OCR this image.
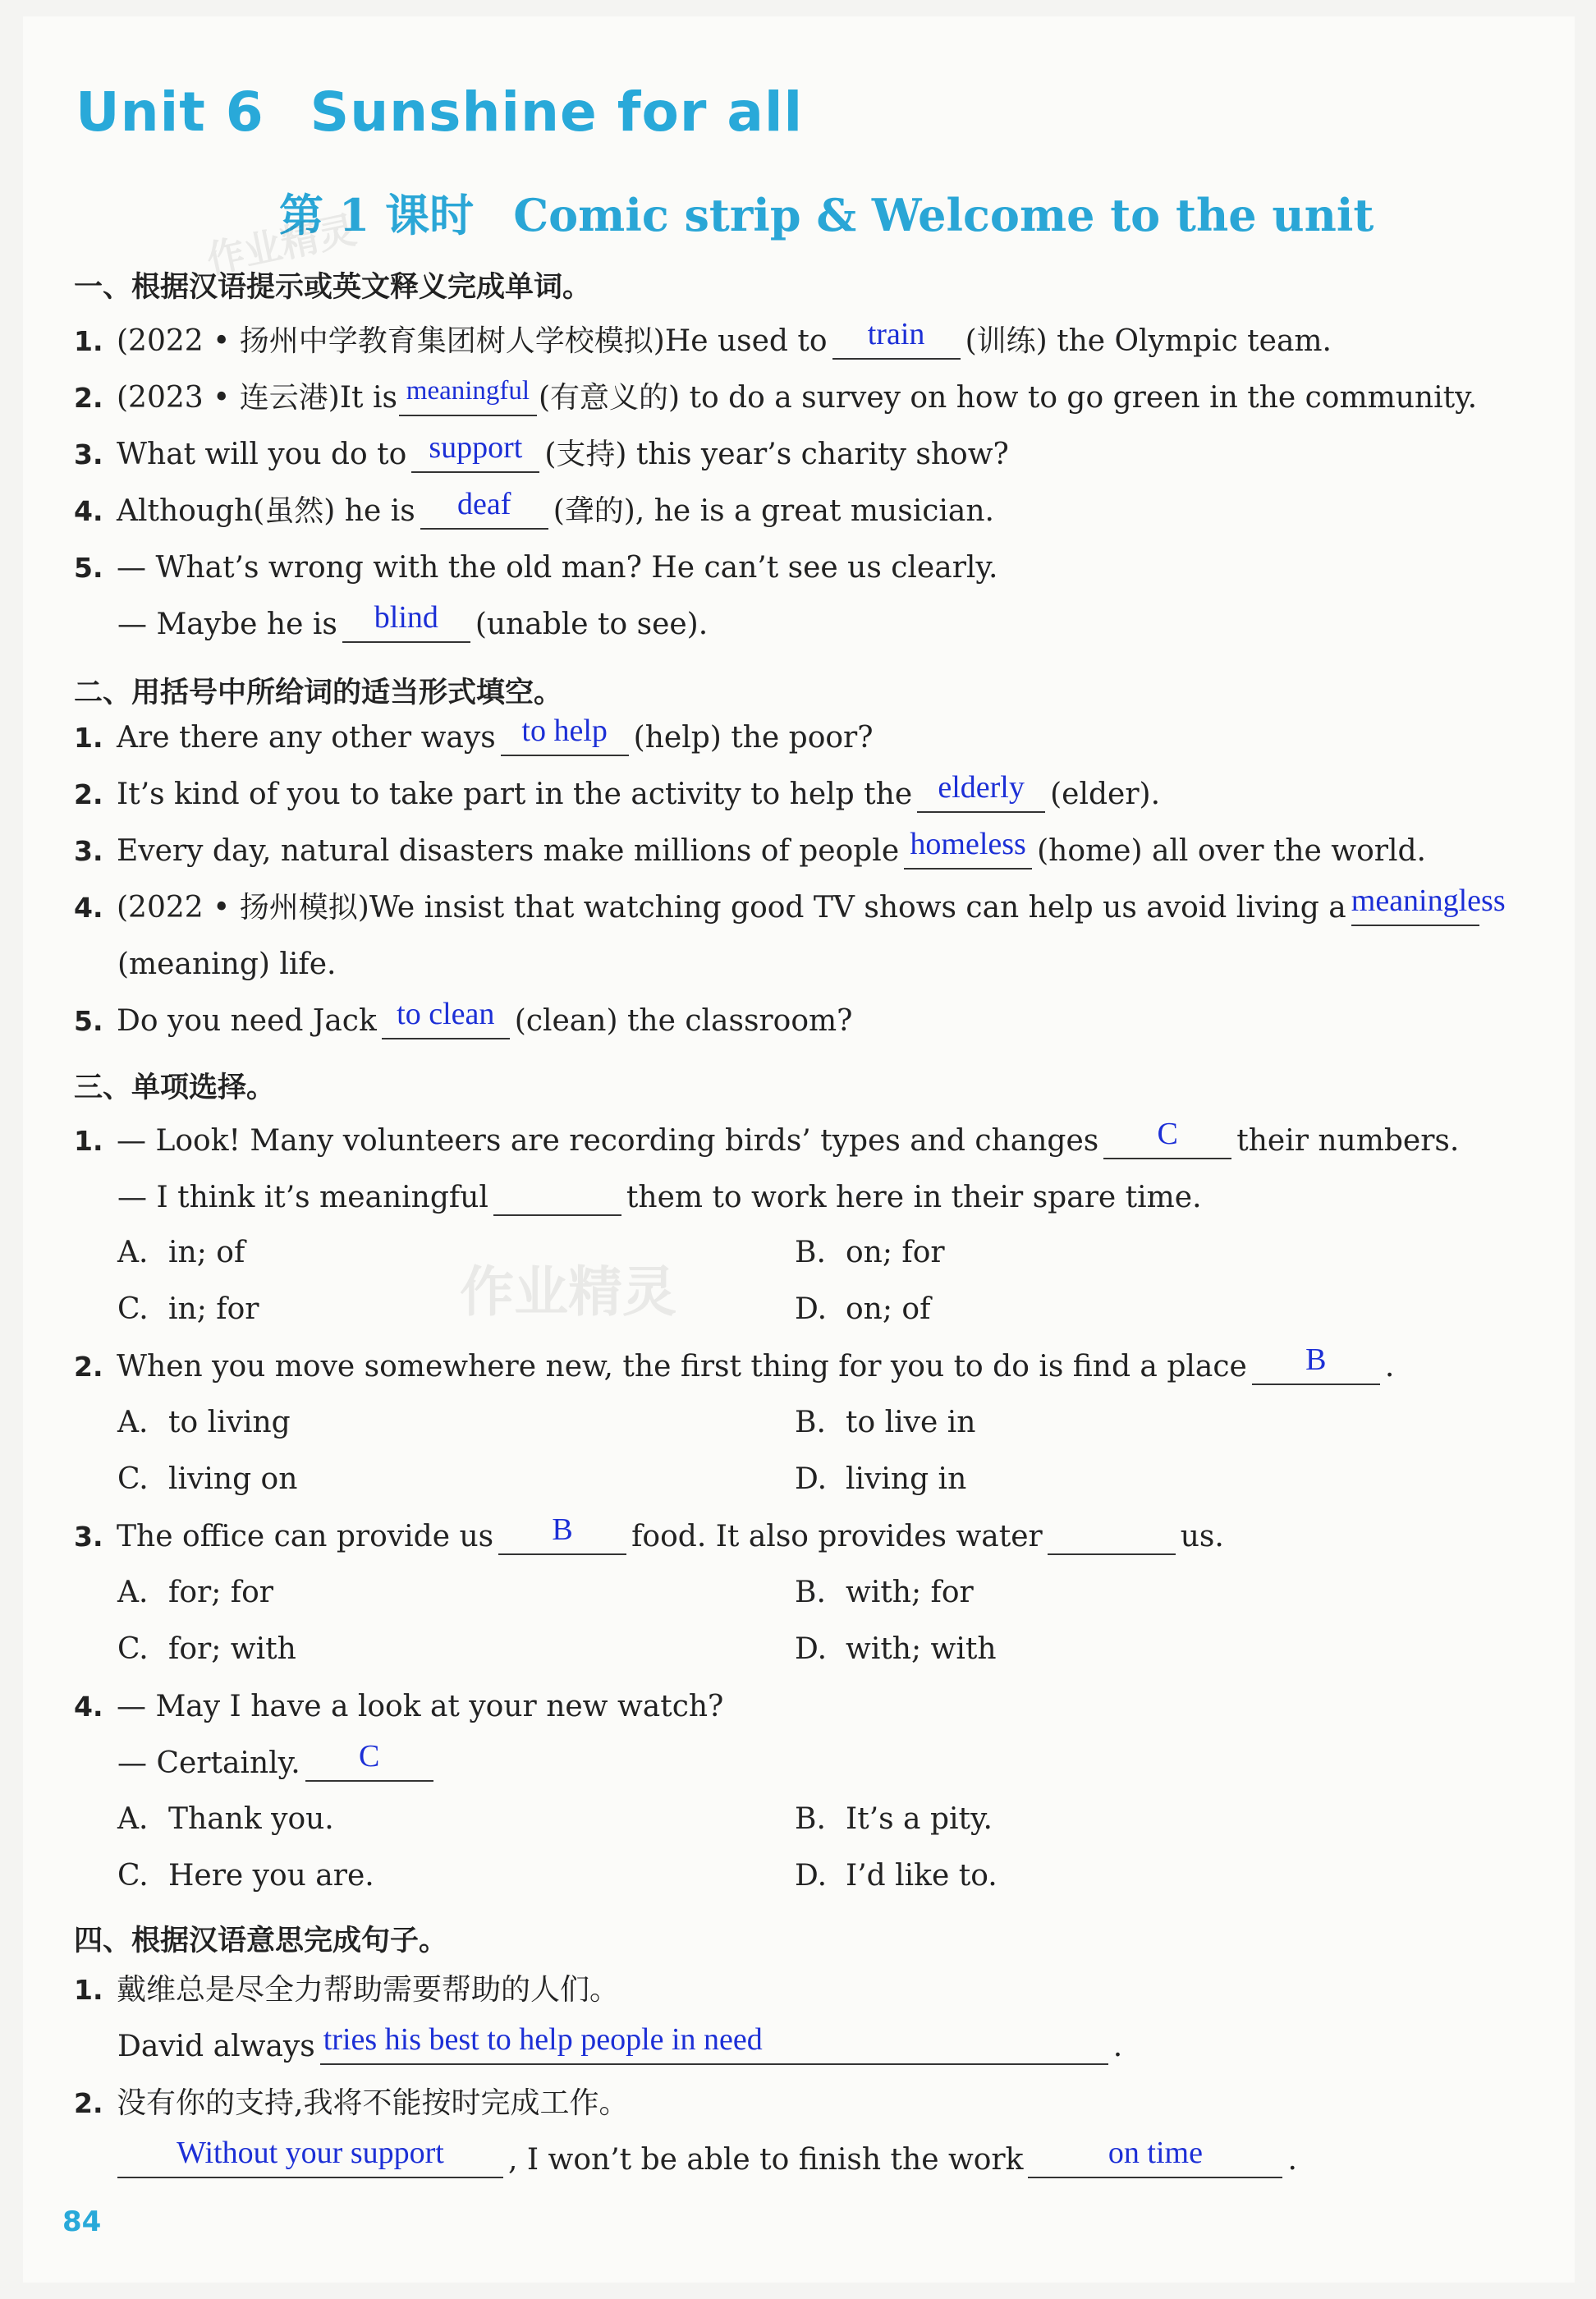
Unit 6 Sunshine for all
第 1 课时 Comic strip & Welcome to the unit
作业精灵
作业精灵
一、根据汉语提示或英文释义完成单词。
1. (2022 • 扬州中学教育集团树人学校模拟)He used to	train	(训练) the Olympic team.
2. (2023 • 连云港)It is meaningful (有意义的) to do a survey on how to go green in the community.
3. What will you do to support (支持) this year’s charity show?
4. Although(虽然) he is	deaf	(聋的), he is a great musician.
5. — What’s wrong with the old man? He can’t see us clearly.
— Maybe he is	blind	(unable to see).
二、用括号中所给词的适当形式填空。
1. Are there any other ways to help (help) the poor?
2. It’s kind of you to take part in the activity to help the elderly (elder).
3. Every day, natural disasters make millions of people homeless (home) all over the world.
4. (2022 • 扬州模拟)We insist that watching good TV shows can help us avoid living a meaningless
(meaning) life.
5. Do you need Jack to clean (clean) the classroom?
三、单项选择。
1. — Look! Many volunteers are recording birds’ types and changes	C	their numbers.
— I think it’s meaningful	them to work here in their spare time.
A. in; of	B. on; for
C. in; for	D. on; of
2. When you move somewhere new, the first thing for you to do is find a place	B	.
A. to living	B. to live in
C. living on	D. living in
3. The office can provide us	B	food. It also provides water	us.
A. for; for	B. with; for
C. for; with	D. with; with
4. — May I have a look at your new watch?
— Certainly.	C
A. Thank you.	B. It’s a pity.
C. Here you are.	D. I’d like to.
四、根据汉语意思完成句子。
1. 戴维总是尽全力帮助需要帮助的人们。
David always tries his best to help people in need	.
2. 没有你的支持,我将不能按时完成工作。
Without your support	, I won’t be able to finish the work	on time	.
84
